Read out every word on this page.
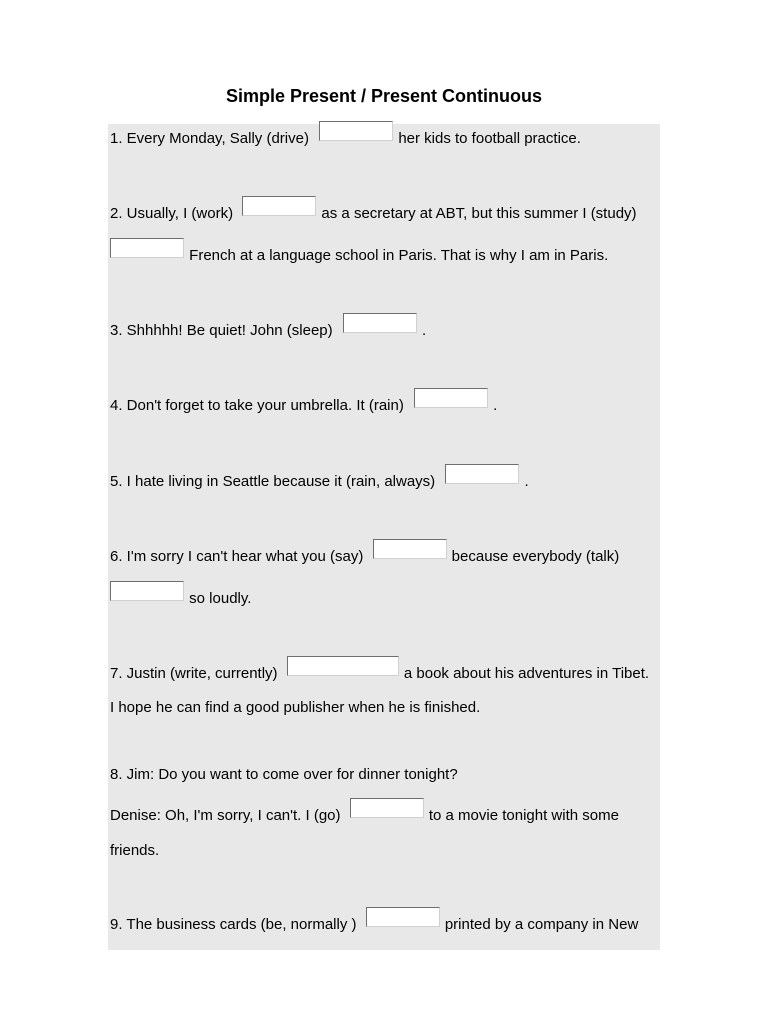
Simple Present / Present Continuous
1. Every Monday, Sally (drive)	her kids to football practice.
2. Usually, I (work)	as a secretary at ABT, but this summer I (study)
French at a language school in Paris. That is why I am in Paris.
3. Shhhhh! Be quiet! John (sleep)	.
4. Don't forget to take your umbrella. It (rain)	.
5. I hate living in Seattle because it (rain, always)	.
6. I'm sorry I can't hear what you (say)	because everybody (talk)
so loudly.
7. Justin (write, currently)	a book about his adventures in Tibet.
I hope he can find a good publisher when he is finished.
8. Jim: Do you want to come over for dinner tonight?
Denise: Oh, I'm sorry, I can't. I (go)	to a movie tonight with some
friends.
9. The business cards (be, normally )	printed by a company in New
